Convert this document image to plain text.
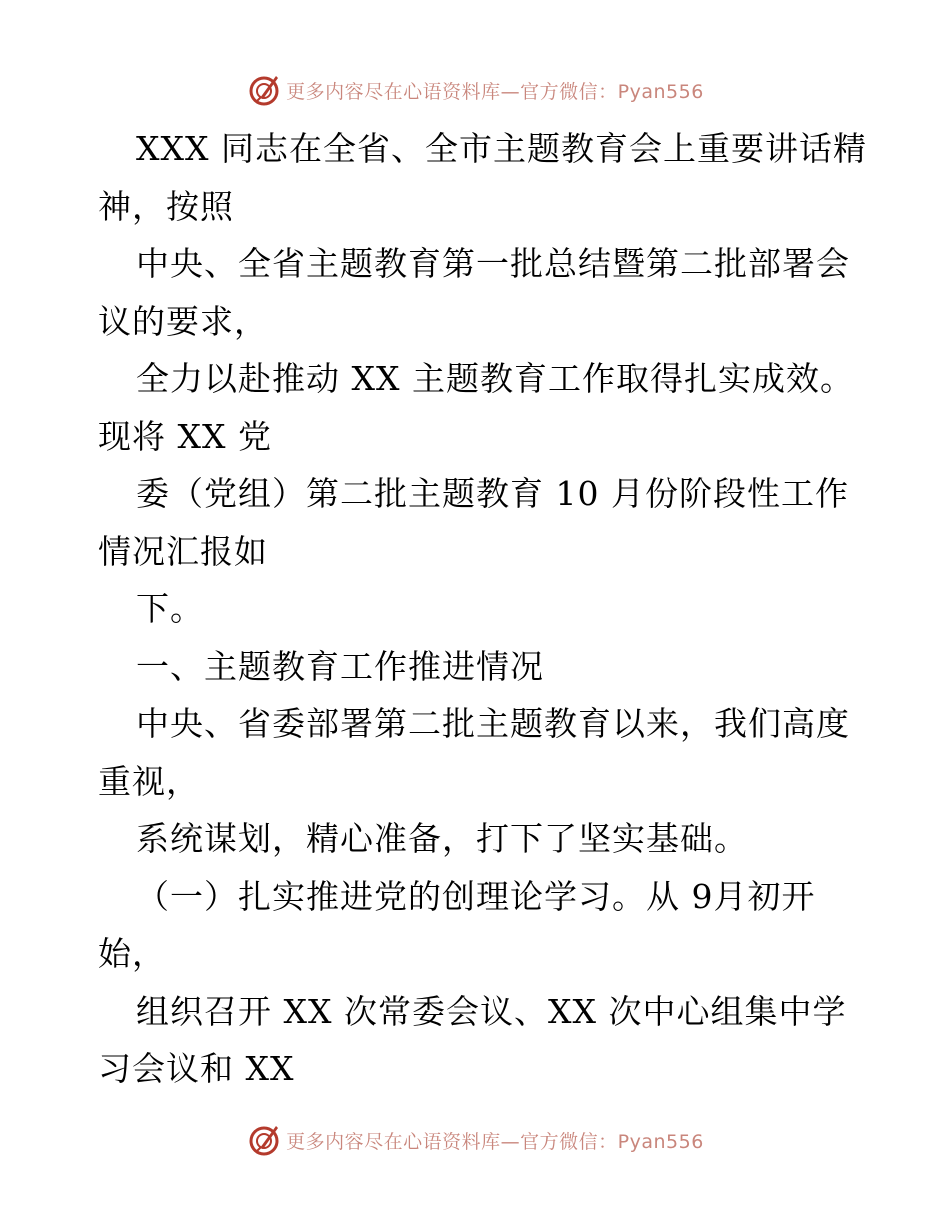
更多内容尽在心语资料库—官方微信：Pyan556
XXX 同志在全省、全市主题教育会上重要讲话精
神，按照
中央、全省主题教育第一批总结暨第二批部署会
议的要求，
全力以赴推动 XX 主题教育工作取得扎实成效。
现将 XX 党
委（党组）第二批主题教育 10 月份阶段性工作
情况汇报如
下。
一、主题教育工作推进情况
中央、省委部署第二批主题教育以来，我们高度
重视，
系统谋划，精心准备，打下了坚实基础。
（一）扎实推进党的创理论学习。从 9月初开
始，
组织召开 XX 次常委会议、XX 次中心组集中学
习会议和 XX
更多内容尽在心语资料库—官方微信：Pyan556
